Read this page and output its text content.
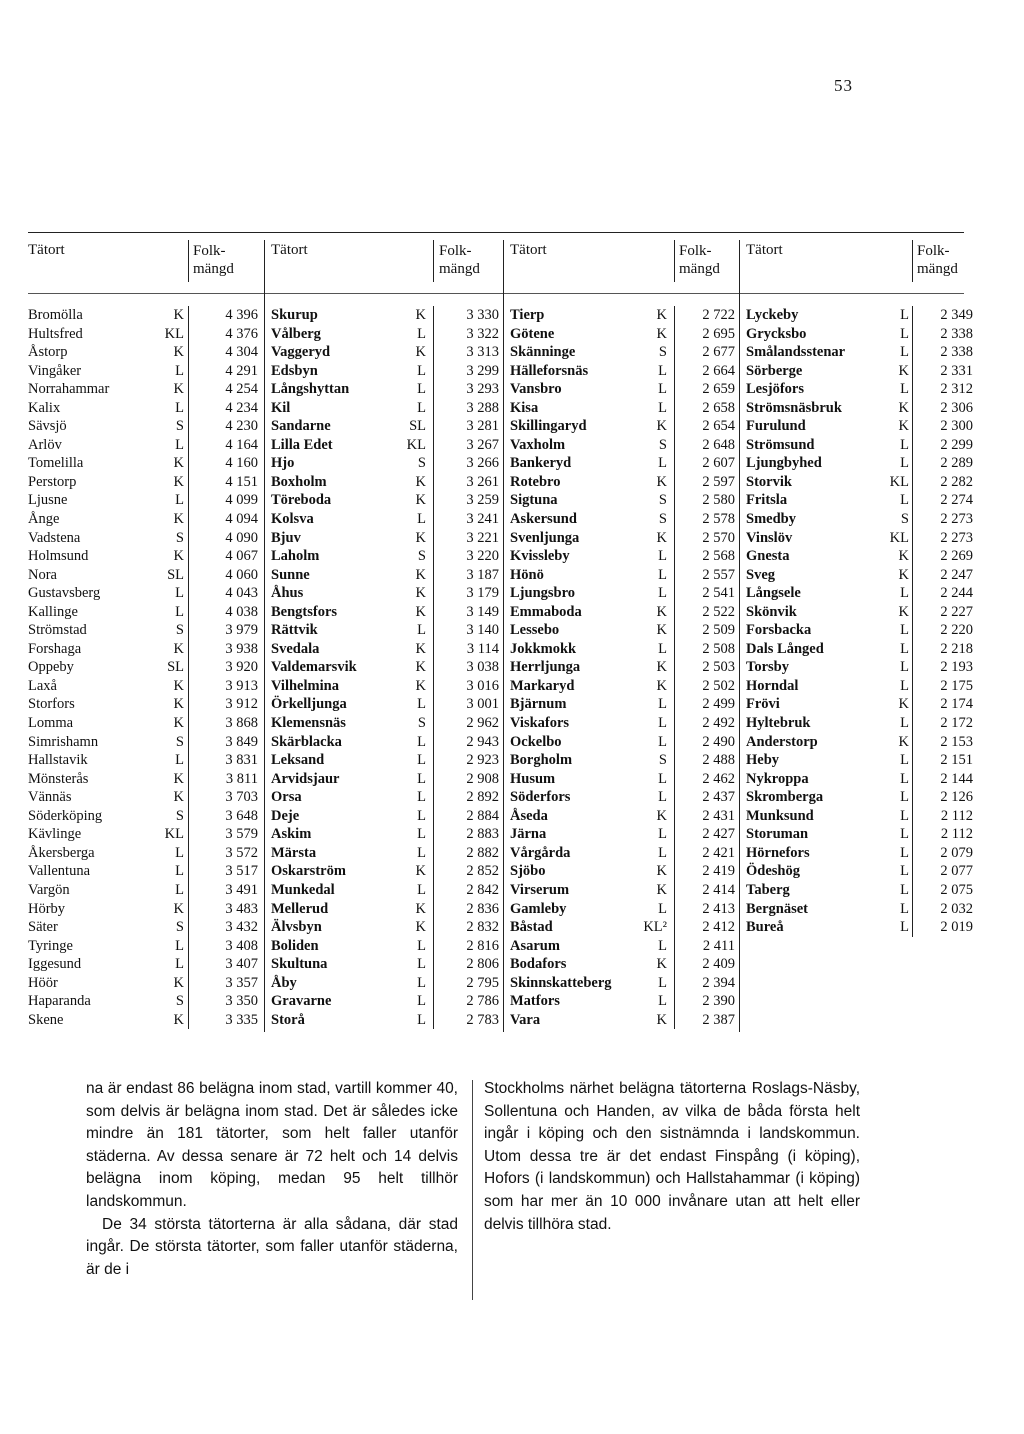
53
Tätort	Folk-
mängd
Bromölla	K	4 396
Hultsfred	KL	4 376
Åstorp	K	4 304
Vingåker	L	4 291
Norrahammar	K	4 254
Kalix	L	4 234
Sävsjö	S	4 230
Arlöv	L	4 164
Tomelilla	K	4 160
Perstorp	K	4 151
Ljusne	L	4 099
Ånge	K	4 094
Vadstena	S	4 090
Holmsund	K	4 067
Nora	SL	4 060
Gustavsberg	L	4 043
Kallinge	L	4 038
Strömstad	S	3 979
Forshaga	K	3 938
Oppeby	SL	3 920
Laxå	K	3 913
Storfors	K	3 912
Lomma	K	3 868
Simrishamn	S	3 849
Hallstavik	L	3 831
Mönsterås	K	3 811
Vännäs	K	3 703
Söderköping	S	3 648
Kävlinge	KL	3 579
Åkersberga	L	3 572
Vallentuna	L	3 517
Vargön	L	3 491
Hörby	K	3 483
Säter	S	3 432
Tyringe	L	3 408
Iggesund	L	3 407
Höör	K	3 357
Haparanda	S	3 350
Skene	K	3 335
Tätort	Folk-
mängd
Skurup	K	3 330
Vålberg	L	3 322
Vaggeryd	K	3 313
Edsbyn	L	3 299
Långshyttan	L	3 293
Kil	L	3 288
Sandarne	SL	3 281
Lilla Edet	KL	3 267
Hjo	S	3 266
Boxholm	K	3 261
Töreboda	K	3 259
Kolsva	L	3 241
Bjuv	K	3 221
Laholm	S	3 220
Sunne	K	3 187
Åhus	K	3 179
Bengtsfors	K	3 149
Rättvik	L	3 140
Svedala	K	3 114
Valdemarsvik	K	3 038
Vilhelmina	K	3 016
Örkelljunga	L	3 001
Klemensnäs	S	2 962
Skärblacka	L	2 943
Leksand	L	2 923
Arvidsjaur	L	2 908
Orsa	L	2 892
Deje	L	2 884
Askim	L	2 883
Märsta	L	2 882
Oskarström	K	2 852
Munkedal	L	2 842
Mellerud	K	2 836
Älvsbyn	K	2 832
Boliden	L	2 816
Skultuna	L	2 806
Åby	L	2 795
Gravarne	L	2 786
Storå	L	2 783
Tätort	Folk-
mängd
Tierp	K 2 722
Götene	K 2 695
Skänninge	S 2 677
Hälleforsnäs	L 2 664
Vansbro	L 2 659
Kisa	L 2 658
Skillingaryd	K 2 654
Vaxholm	S 2 648
Bankeryd	L 2 607
Rotebro	K 2 597
Sigtuna	S 2 580
Askersund	S 2 578
Svenljunga	K 2 570
Kvissleby	L 2 568
Hönö	L 2 557
Ljungsbro	L 2 541
Emmaboda	K 2 522
Lessebo	K 2 509
Jokkmokk	L 2 508
Herrljunga	K 2 503
Markaryd	K 2 502
Bjärnum	L 2 499
Viskafors	L 2 492
Ockelbo	L 2 490
Borgholm	S 2 488
Husum	L 2 462
Söderfors	L 2 437
Åseda	K 2 431
Järna	L 2 427
Vårgårda	L 2 421
Sjöbo	K 2 419
Virserum	K 2 414
Gamleby	L 2 413
Båstad	KL² 2 412
Asarum	L 2 411
Bodafors	K 2 409
Skinnskatteberg	L 2 394
Matfors	L 2 390
Vara	K 2 387
Tätort	Folk-
mängd
Lyckeby	L 2 349
Grycksbo	L 2 338
Smålandsstenar	L 2 338
Sörberge	K 2 331
Lesjöfors	L 2 312
Strömsnäsbruk	K 2 306
Furulund	K 2 300
Strömsund	L 2 299
Ljungbyhed	L 2 289
Storvik	KL 2 282
Fritsla	L 2 274
Smedby	S 2 273
Vinslöv	KL 2 273
Gnesta	K 2 269
Sveg	K 2 247
Långsele	L 2 244
Skönvik	K 2 227
Forsbacka	L 2 220
Dals Långed	L 2 218
Torsby	L 2 193
Horndal	L 2 175
Frövi	K 2 174
Hyltebruk	L 2 172
Anderstorp	K 2 153
Heby	L 2 151
Nykroppa	L 2 144
Skromberga	L 2 126
Munksund	L 2 112
Storuman	L 2 112
Hörnefors	L 2 079
Ödeshög	L 2 077
Taberg	L 2 075
Bergnäset	L 2 032
Bureå	L 2 019

na är endast 86 belägna inom stad, vartill kommer 40, som delvis är belägna inom stad. Det är således icke mindre än 181 tätorter, som helt faller utanför städerna. Av dessa senare är 72 helt och 14 delvis belägna inom köping, medan 95 helt tillhör landskommun.

De 34 största tätorterna är alla sådana, där stad ingår. De största tätorter, som faller utanför städerna, är de i

Stockholms närhet belägna tätorterna Roslags-Näsby, Sollentuna och Handen, av vilka de båda första helt ingår i köping och den sistnämnda i landskommun. Utom dessa tre är det endast Finspång (i köping), Hofors (i landskommun) och Hallstahammar (i köping) som har mer än 10 000 invånare utan att helt eller delvis tillhöra stad.
